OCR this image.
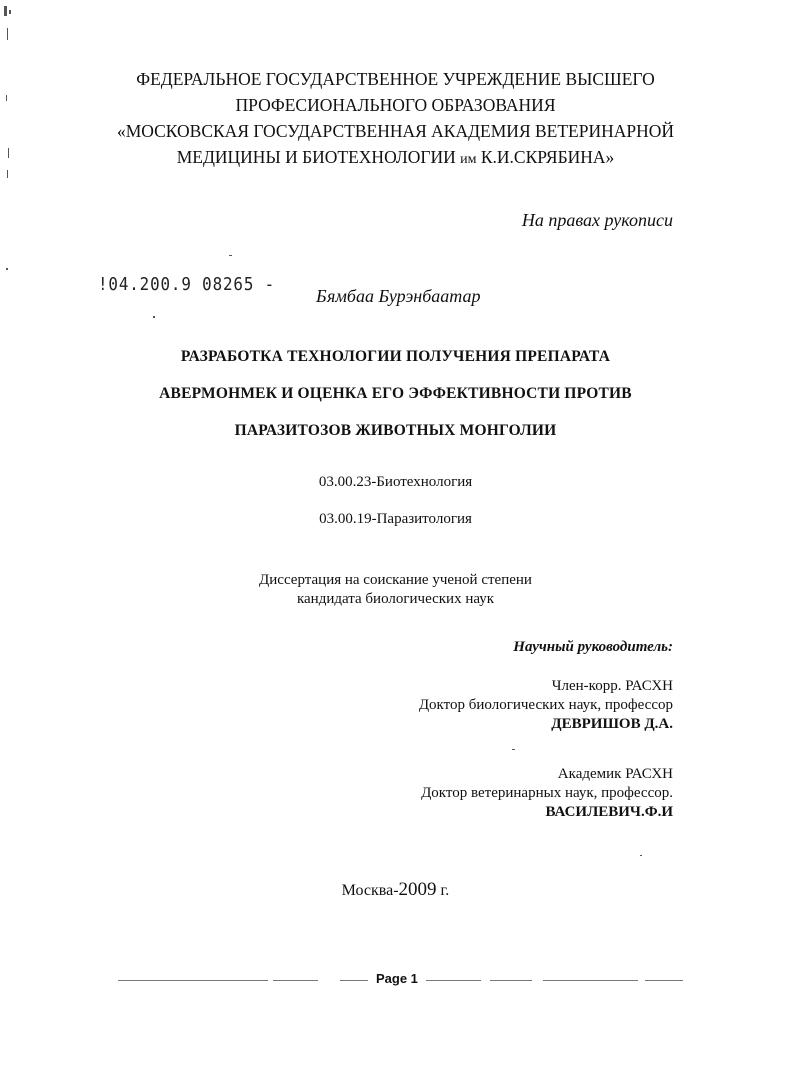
ФЕДЕРАЛЬНОЕ ГОСУДАРСТВЕННОЕ УЧРЕЖДЕНИЕ ВЫСШЕГО
ПРОФЕСИОНАЛЬНОГО ОБРАЗОВАНИЯ
«МОСКОВСКАЯ ГОСУДАРСТВЕННАЯ АКАДЕМИЯ ВЕТЕРИНАРНОЙ
МЕДИЦИНЫ И БИОТЕХНОЛОГИИ им К.И.СКРЯБИНА»
На правах рукописи
!04.200.9 08265 -
Бямбаа Бурэнбаатар
РАЗРАБОТКА ТЕХНОЛОГИИ ПОЛУЧЕНИЯ ПРЕПАРАТА
АВЕРМОНМЕК И ОЦЕНКА ЕГО ЭФФЕКТИВНОСТИ ПРОТИВ
ПАРАЗИТОЗОВ ЖИВОТНЫХ МОНГОЛИИ
03.00.23-Биотехнология
03.00.19-Паразитология
Диссертация на соискание ученой степени
кандидата биологических наук
Научный руководитель:
Член-корр. РАСХН
Доктор биологических наук, профессор
ДЕВРИШОВ Д.А.
Академик РАСХН
Доктор ветеринарных наук, профессор.
ВАСИЛЕВИЧ.Ф.И
Москва-2009 г.
Page 1
